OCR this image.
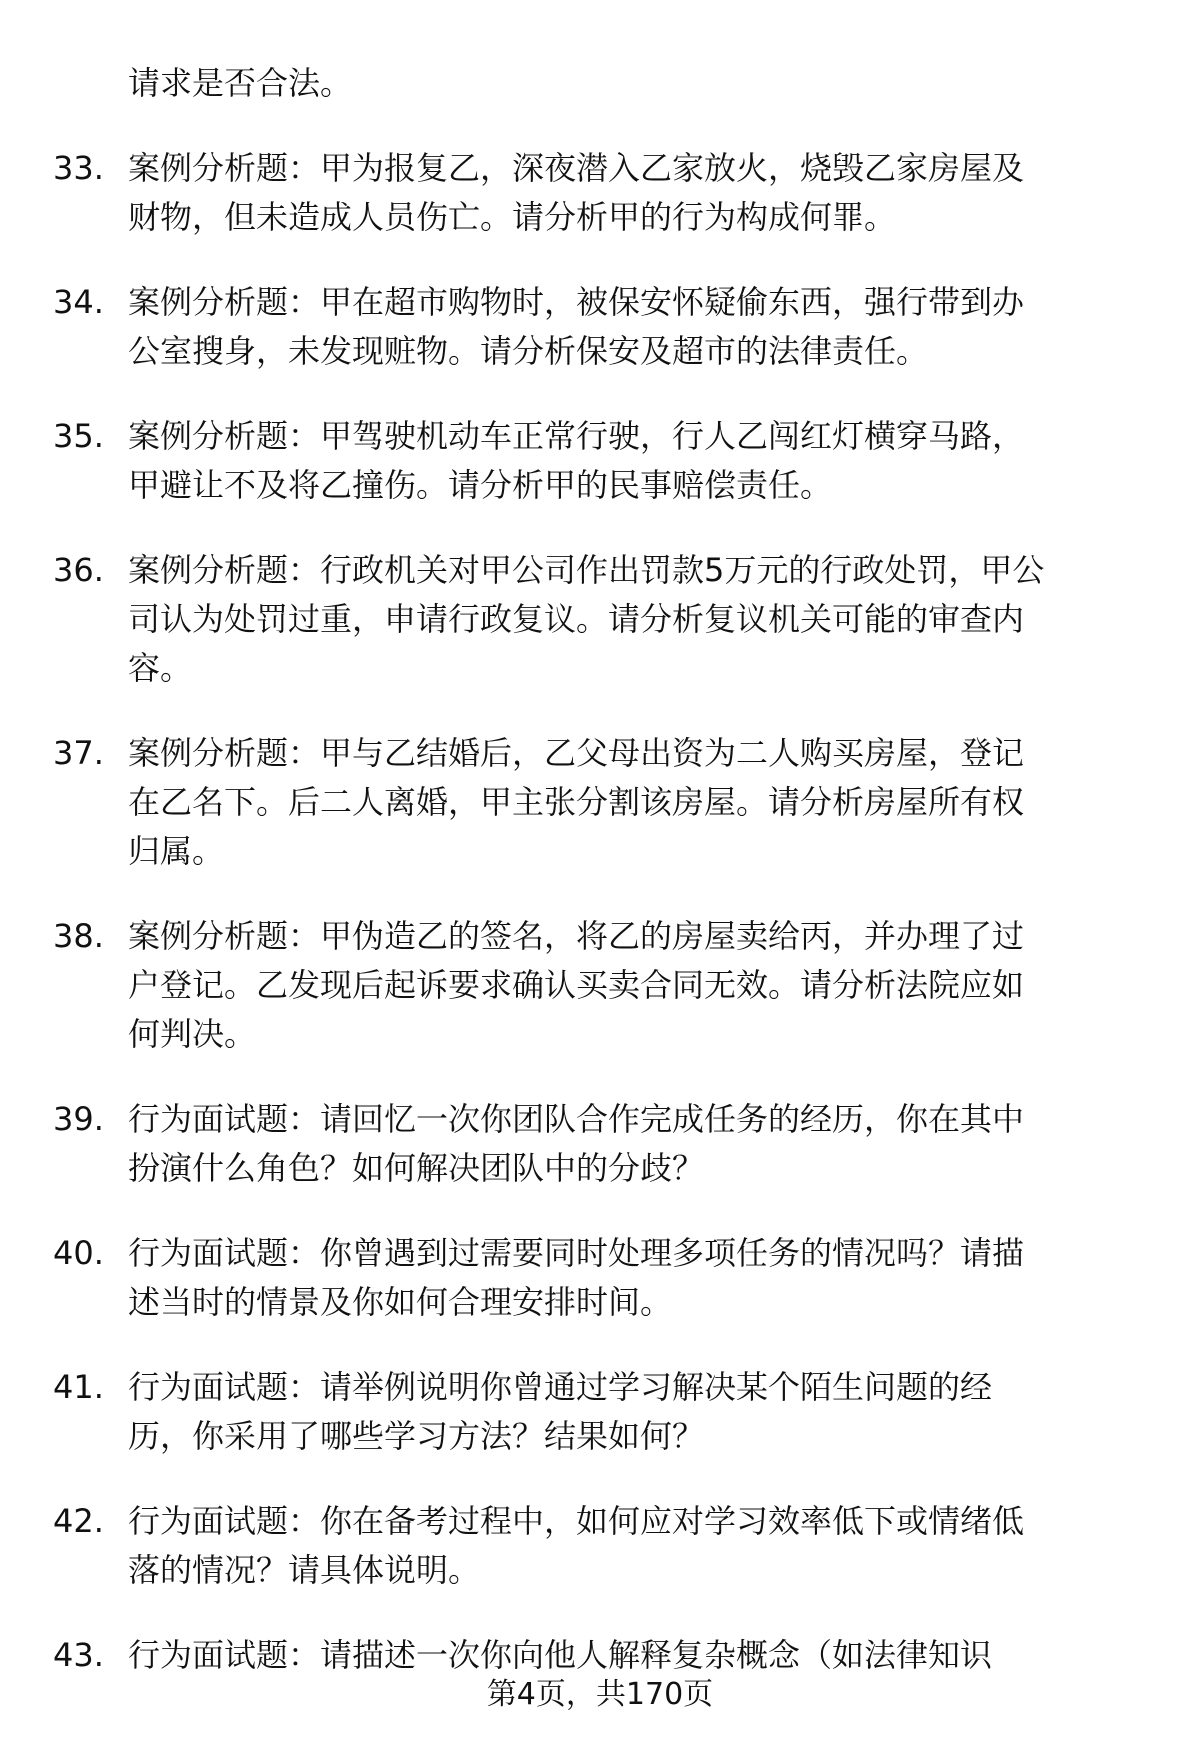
请求是否合法。
33. 案例分析题：甲为报复乙，深夜潜入乙家放火，烧毁乙家房屋及
财物，但未造成人员伤亡。请分析甲的行为构成何罪。
34. 案例分析题：甲在超市购物时，被保安怀疑偷东西，强行带到办
公室搜身，未发现赃物。请分析保安及超市的法律责任。
35. 案例分析题：甲驾驶机动车正常行驶，行人乙闯红灯横穿马路，
甲避让不及将乙撞伤。请分析甲的民事赔偿责任。
36. 案例分析题：行政机关对甲公司作出罚款5万元的行政处罚，甲公
司认为处罚过重，申请行政复议。请分析复议机关可能的审查内
容。
37. 案例分析题：甲与乙结婚后，乙父母出资为二人购买房屋，登记
在乙名下。后二人离婚，甲主张分割该房屋。请分析房屋所有权
归属。
38. 案例分析题：甲伪造乙的签名，将乙的房屋卖给丙，并办理了过
户登记。乙发现后起诉要求确认买卖合同无效。请分析法院应如
何判决。
39. 行为面试题：请回忆一次你团队合作完成任务的经历，你在其中
扮演什么角色？如何解决团队中的分歧？
40. 行为面试题：你曾遇到过需要同时处理多项任务的情况吗？请描
述当时的情景及你如何合理安排时间。
41. 行为面试题：请举例说明你曾通过学习解决某个陌生问题的经
历，你采用了哪些学习方法？结果如何？
42. 行为面试题：你在备考过程中，如何应对学习效率低下或情绪低
落的情况？请具体说明。
43. 行为面试题：请描述一次你向他人解释复杂概念（如法律知识
第4页，共170页
